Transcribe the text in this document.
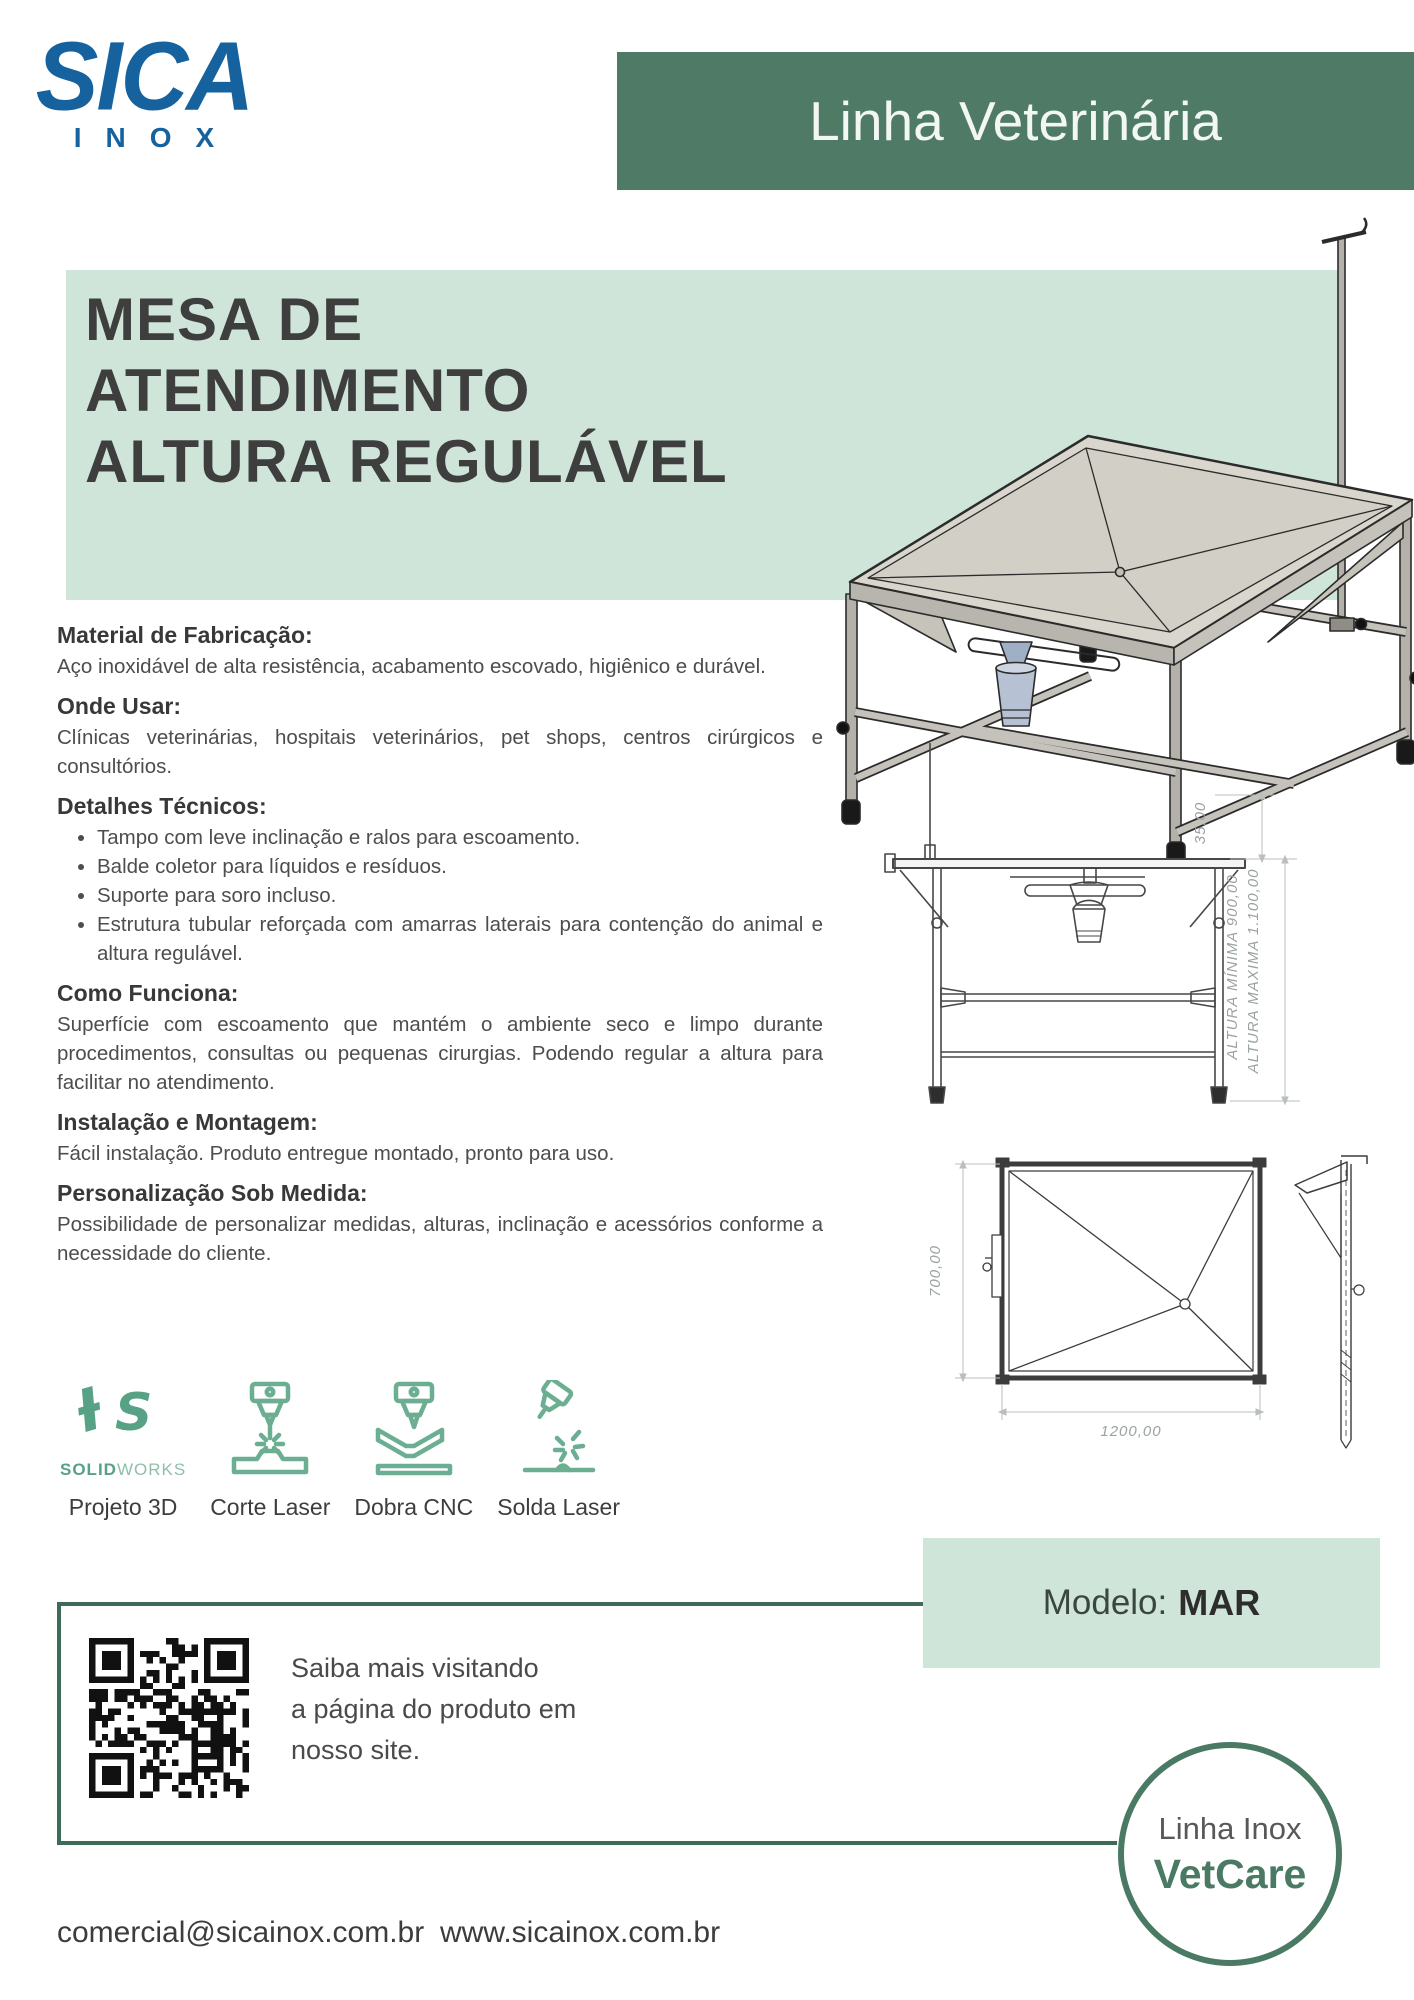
SICA
INOX	Linha Veterinária
MESA DE
ATENDIMENTO
ALTURA REGULÁVEL
35,00
ALTURA MÍNIMA 900,00 ALTURA MAXIMA 1.100,00
700,00
1200,00
Material de Fabricação:

Aço inoxidável de alta resistência, acabamento escovado, higiênico e durável.

Onde Usar:

Clínicas veterinárias, hospitais veterinários, pet shops, centros cirúrgicos e consultórios.

Detalhes Técnicos:
• Tampo com leve inclinação e ralos para escoamento.
• Balde coletor para líquidos e resíduos.
• Suporte para soro incluso.
• Estrutura tubular reforçada com amarras laterais para contenção do animal e altura regulável.
Como Funciona:

Superfície com escoamento que mantém o ambiente seco e limpo durante procedimentos, consultas ou pequenas cirurgias. Podendo regular a altura para facilitar no atendimento.

Instalação e Montagem:

Fácil instalação. Produto entregue montado, pronto para uso.

Personalização Sob Medida:

Possibilidade de personalizar medidas, alturas, inclinação e acessórios conforme a necessidade do cliente.

Ɨ S
SOLIDWORKS
Projeto 3D Corte Laser Dobra CNC Solda Laser
Saiba mais visitando
a página do produto em
nosso site.
Modelo: MAR
Linha Inox
VetCare
comercial@sicainox.com.br www.sicainox.com.br
